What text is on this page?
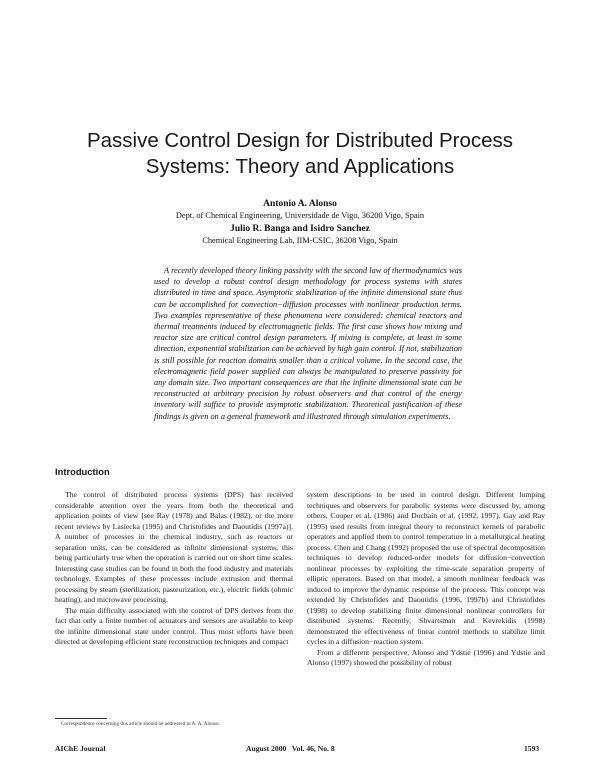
Passive Control Design for Distributed Process
Systems: Theory and Applications

Antonio A. Alonso

Dept. of Chemical Engineering, Universidade de Vigo, 36200 Vigo, Spain

Julio R. Banga and Isidro Sanchez

Chemical Engineering Lab, IIM-CSIC, 36208 Vigo, Spain

A recently developed theory linking passivity with the second law of thermodynamics was used to develop a robust control design methodology for process systems with states distributed in time and space. Asymptotic stabilization of the infinite dimensional state thus can be accomplished for convection−diffusion processes with nonlinear production terms. Two examples representative of these phenomena were considered: chemical reactors and thermal treatments induced by electromagnetic fields. The first case shows how mixing and reactor size are critical control design parameters. If mixing is complete, at least in some direction, exponential stabilization can be achieved by high gain control. If not, stabilization is still possible for reaction domains smaller than a critical volume. In the second case, the electromagnetic field power supplied can always be manipulated to preserve passivity for any domain size. Two important consequences are that the infinite dimensional state can be reconstructed at arbitrary precision by robust observers and that control of the energy inventory will suffice to provide asymptotic stabilization. Theoretical justification of these findings is given on a general framework and illustrated through simulation experiments.

Introduction

The control of distributed process systems (DPS) has received considerable attention over the years from both the theoretical and application points of view [see Ray (1978) and Balas (1982), or the more recent reviews by Lasiecka (1995) and Christofides and Daoutidis (1997a)]. A number of processes in the chemical industry, such as reactors or separation units, can be considered as infinite dimensional systems, this being particularly true when the operation is carried out on short time scales. Interesting case studies can be found in both the food industry and materials technology. Examples of these processes include extrusion and thermal processing by steam (sterilization, pasteurization, etc.), electric fields (ohmic heating), and microwave processing.

The main difficulty associated with the control of DPS derives from the fact that only a finite number of actuators and sensors are available to keep the infinite dimensional state under control. Thus most efforts have been directed at developing efficient state reconstruction techniques and compact

system descriptions to be used in control design. Different lumping techniques and observers for parabolic systems were discussed by, among others, Cooper et al. (1986) and Dochain et al. (1992, 1997). Gay and Ray (1995) used results from integral theory to reconstruct kernels of parabolic operators and applied them to control temperature in a metallurgical heating process. Chen and Chang (1992) proposed the use of spectral decomposition techniques to develop reduced-order models for diffusion−convection nonlinear processes by exploiting the time-scale separation property of elliptic operators. Based on that model, a smooth nonlinear feedback was induced to improve the dynamic response of the process. This concept was extended by Christofides and Daoutidis (1996, 1997b) and Christofides (1998) to develop stabilizing finite dimensional nonlinear controllers for distributed systems. Recently, Shvartsman and Kevrekidis (1998) demonstrated the effectiveness of linear control methods to stabilize limit cycles in a diffusion−reaction system.

From a different perspective, Alonso and Ydstie (1996) and Ydstie and Alonso (1997) showed the possibility of robust

Correspondence concerning this article should be addressed to A. A. Alonso.

AIChE Journal	August 2000   Vol. 46, No. 8	1593
